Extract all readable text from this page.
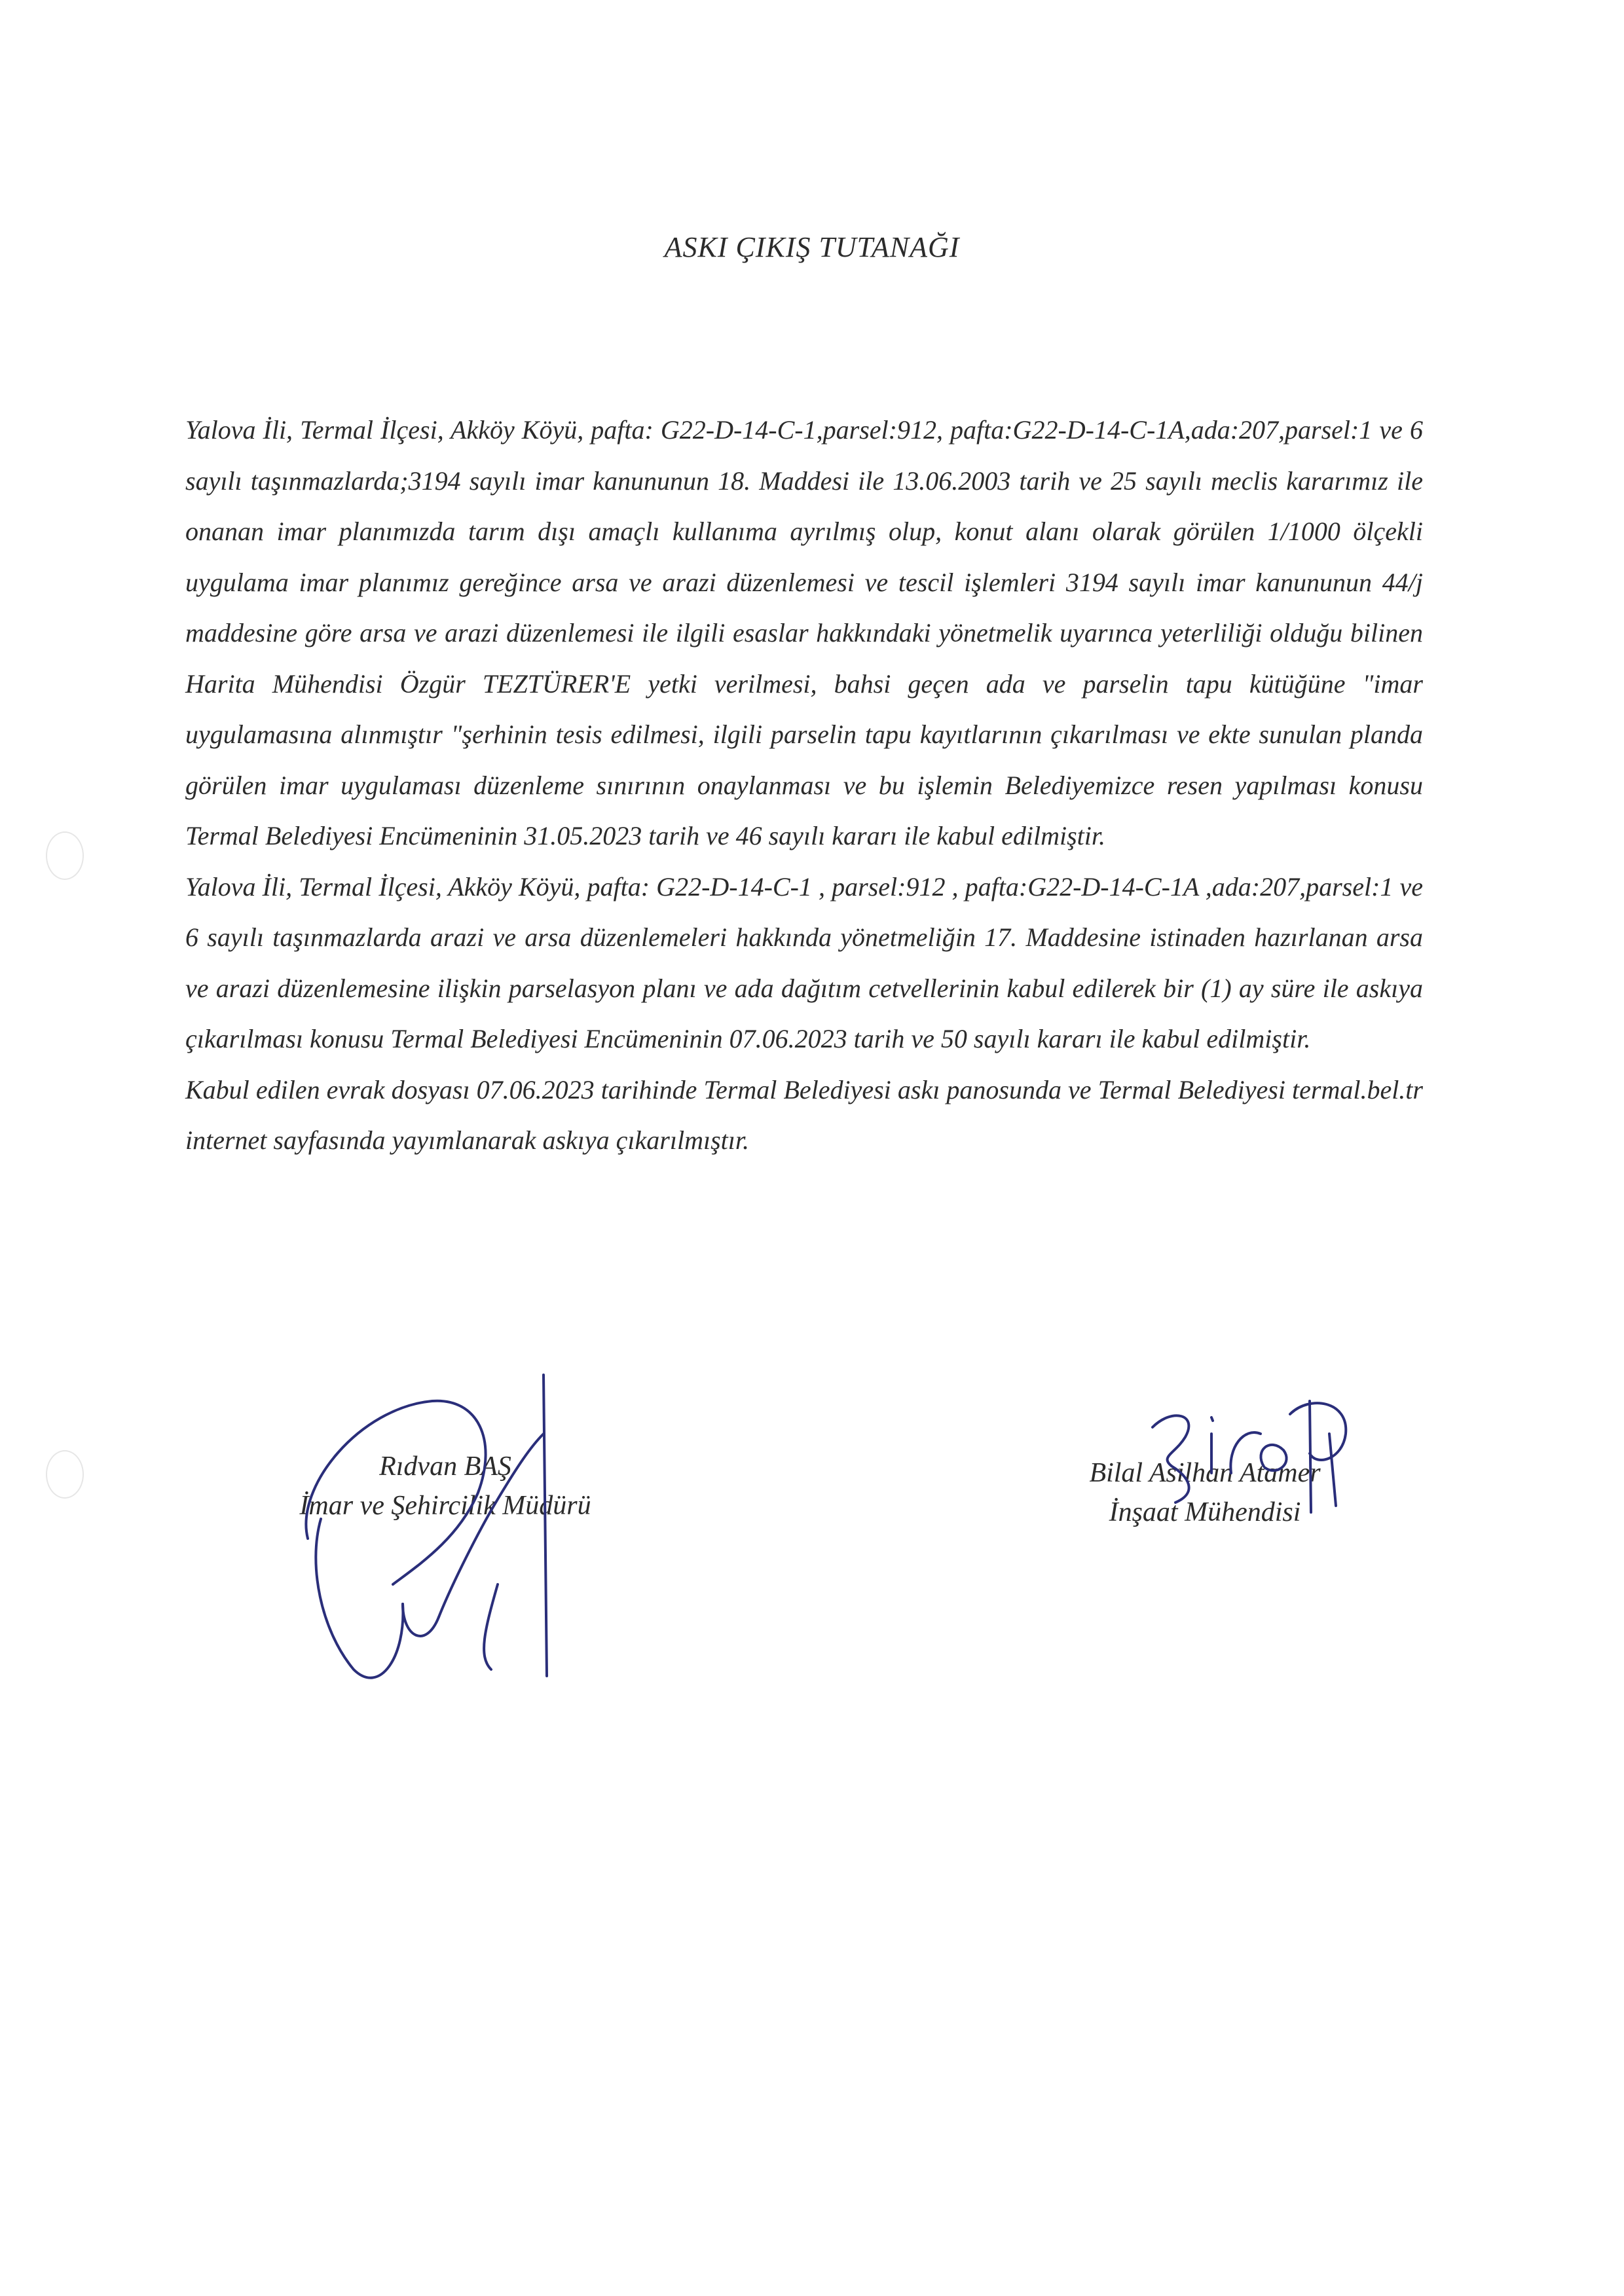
ASKI ÇIKIŞ TUTANAĞI

Yalova İli, Termal İlçesi, Akköy Köyü, pafta: G22-D-14-C-1,parsel:912, pafta:G22-D-14-C-1A,ada:207,parsel:1 ve 6 sayılı taşınmazlarda;3194 sayılı imar kanununun 18. Maddesi ile 13.06.2003 tarih ve 25 sayılı meclis kararımız ile onanan imar planımızda tarım dışı amaçlı kullanıma ayrılmış olup, konut alanı olarak görülen 1/1000 ölçekli uygulama imar planımız gereğince arsa ve arazi düzenlemesi ve tescil işlemleri 3194 sayılı imar kanununun 44/j maddesine göre arsa ve arazi düzenlemesi ile ilgili esaslar hakkındaki yönetmelik uyarınca yeterliliği olduğu bilinen Harita Mühendisi Özgür TEZTÜRER'E yetki verilmesi, bahsi geçen ada ve parselin tapu kütüğüne "imar uygulamasına alınmıştır "şerhinin tesis edilmesi, ilgili parselin tapu kayıtlarının çıkarılması ve ekte sunulan planda görülen imar uygulaması düzenleme sınırının onaylanması ve bu işlemin Belediyemizce resen yapılması konusu Termal Belediyesi Encümeninin 31.05.2023 tarih ve 46 sayılı kararı ile kabul edilmiştir.

Yalova İli, Termal İlçesi, Akköy Köyü, pafta: G22-D-14-C-1 , parsel:912 , pafta:G22-D-14-C-1A ,ada:207,parsel:1 ve 6 sayılı taşınmazlarda arazi ve arsa düzenlemeleri hakkında yönetmeliğin 17. Maddesine istinaden hazırlanan arsa ve arazi düzenlemesine ilişkin parselasyon planı ve ada dağıtım cetvellerinin kabul edilerek bir (1) ay süre ile askıya çıkarılması konusu Termal Belediyesi Encümeninin 07.06.2023 tarih ve 50 sayılı kararı ile kabul edilmiştir.

Kabul edilen evrak dosyası 07.06.2023 tarihinde Termal Belediyesi askı panosunda ve Termal Belediyesi termal.bel.tr internet sayfasında yayımlanarak askıya çıkarılmıştır.

Rıdvan BAŞ
İmar ve Şehircilik Müdürü
Bilal Asilhan Atamer
İnşaat Mühendisi
